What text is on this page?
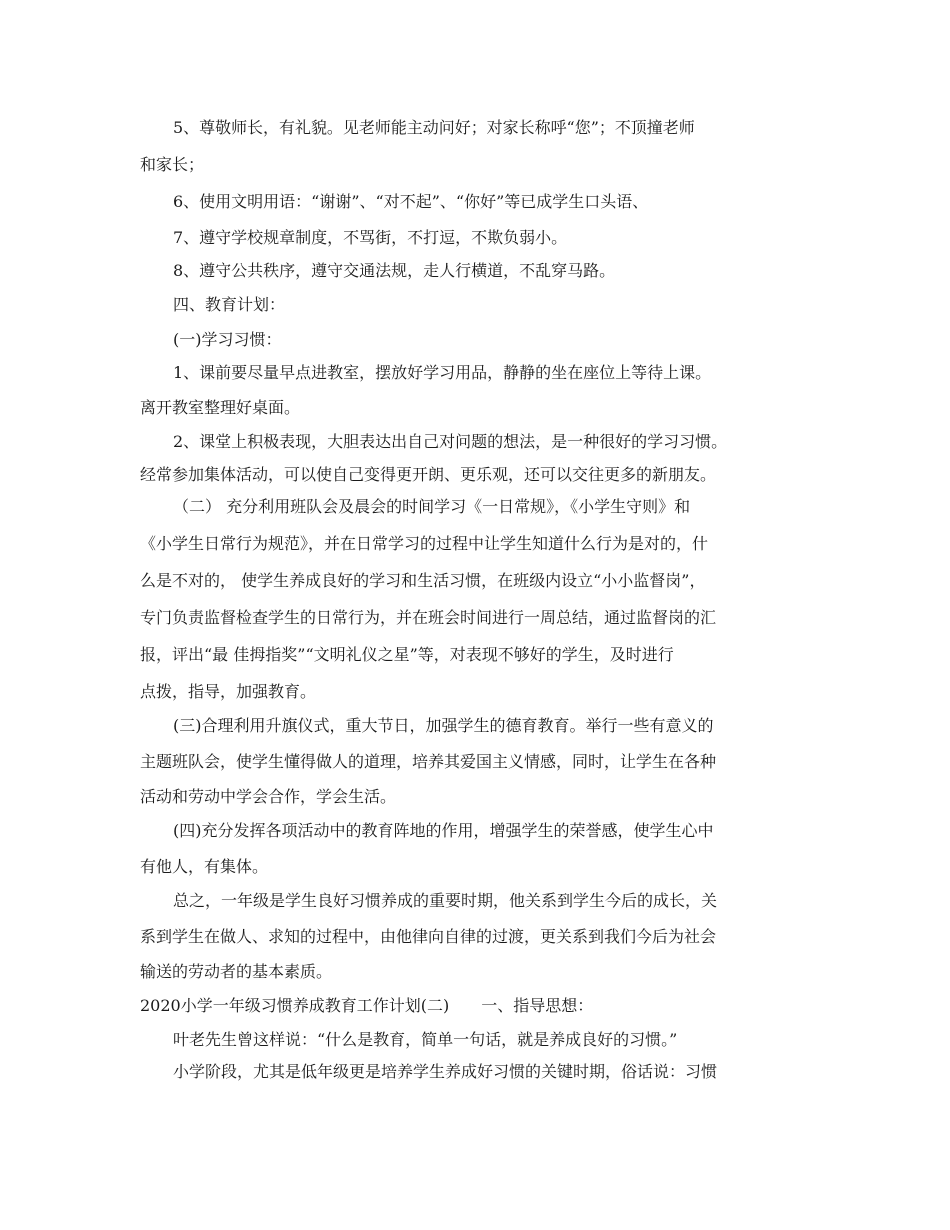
5、尊敬师长，有礼貌。见老师能主动问好；对家长称呼“您”；不顶撞老师
和家长；
6、使用文明用语：“谢谢”、“对不起”、“你好”等已成学生口头语、
7、遵守学校规章制度，不骂街，不打逗，不欺负弱小。
8、遵守公共秩序，遵守交通法规，走人行横道，不乱穿马路。
四、教育计划：
(一)学习习惯：
1、课前要尽量早点进教室，摆放好学习用品，静静的坐在座位上等待上课。
离开教室整理好桌面。
2、课堂上积极表现，大胆表达出自己对问题的想法，是一种很好的学习习惯。
经常参加集体活动，可以使自己变得更开朗、更乐观，还可以交往更多的新朋友。
（二） 充分利用班队会及晨会的时间学习《一日常规》，《小学生守则》和
《小学生日常行为规范》，并在日常学习的过程中让学生知道什么行为是对的，什
么是不对的， 使学生养成良好的学习和生活习惯，在班级内设立“小小监督岗”，
专门负责监督检查学生的日常行为，并在班会时间进行一周总结，通过监督岗的汇
报，评出“最 佳拇指奖”“文明礼仪之星”等，对表现不够好的学生，及时进行
点拨，指导，加强教育。
(三)合理利用升旗仪式，重大节日，加强学生的德育教育。举行一些有意义的
主题班队会，使学生懂得做人的道理，培养其爱国主义情感，同时，让学生在各种
活动和劳动中学会合作，学会生活。
(四)充分发挥各项活动中的教育阵地的作用，增强学生的荣誉感，使学生心中
有他人，有集体。
总之，一年级是学生良好习惯养成的重要时期，他关系到学生今后的成长，关
系到学生在做人、求知的过程中，由他律向自律的过渡，更关系到我们今后为社会
输送的劳动者的基本素质。
2020小学一年级习惯养成教育工作计划(二)　　一、指导思想：
叶老先生曾这样说：“什么是教育，简单一句话，就是养成良好的习惯。”
小学阶段，尤其是低年级更是培养学生养成好习惯的关键时期，俗话说：习惯
